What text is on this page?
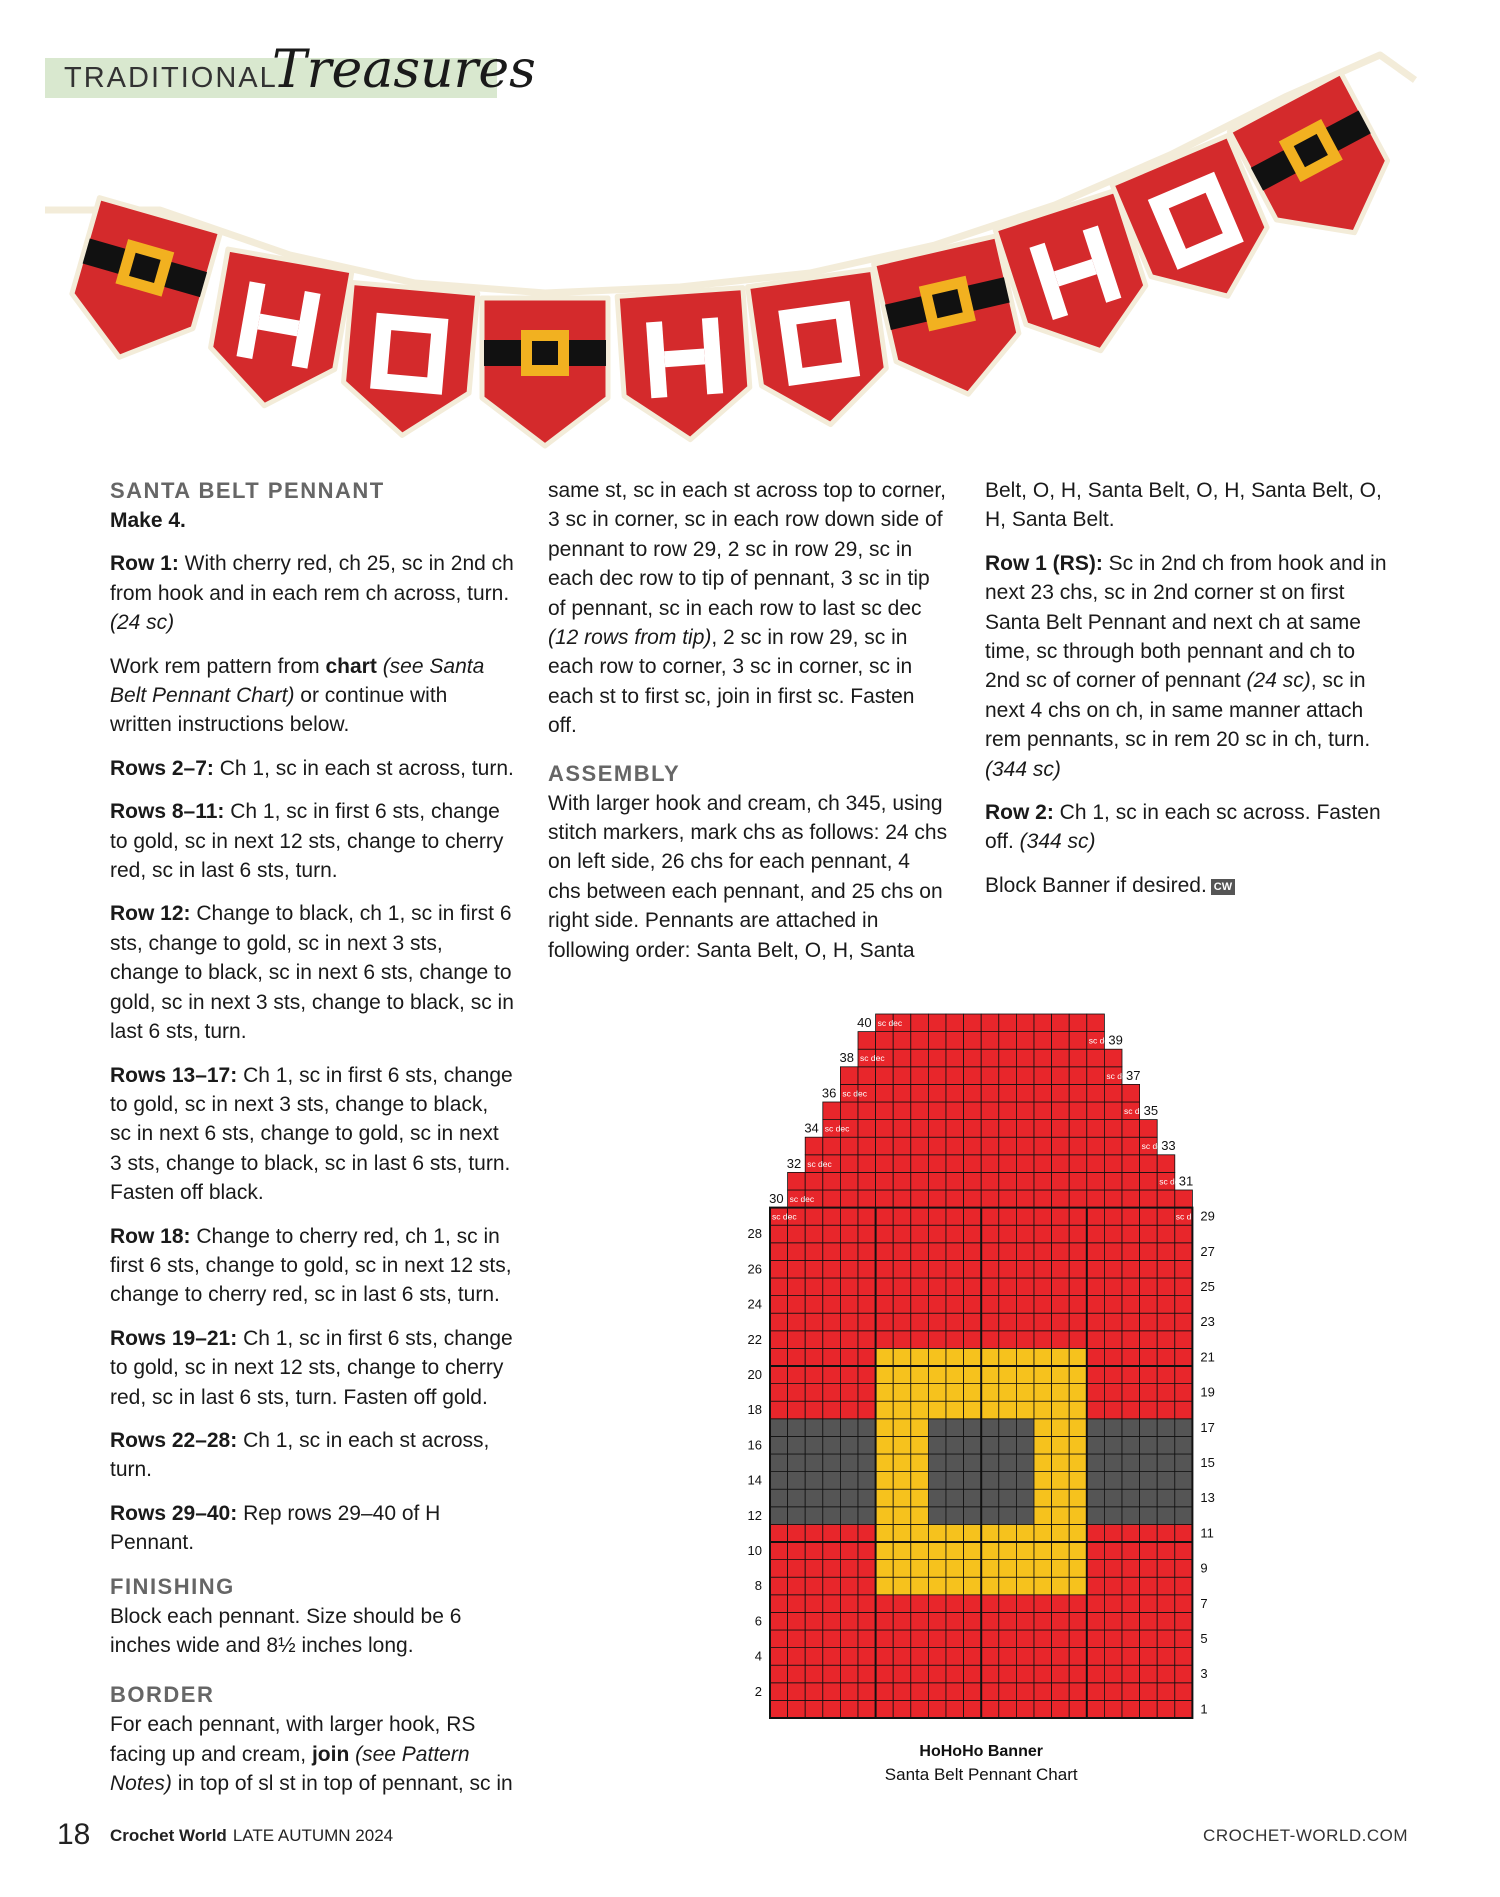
TRADITIONAL
Treasures
SANTA BELT PENNANT

Make 4.

Row 1: With cherry red, ch 25, sc in 2nd ch from hook and in each rem ch across, turn. (24 sc)

Work rem pattern from chart (see Santa Belt Pennant Chart) or continue with written instructions below.

Rows 2–7: Ch 1, sc in each st across, turn.

Rows 8–11: Ch 1, sc in first 6 sts, change to gold, sc in next 12 sts, change to cherry red, sc in last 6 sts, turn.

Row 12: Change to black, ch 1, sc in first 6 sts, change to gold, sc in next 3 sts, change to black, sc in next 6 sts, change to gold, sc in next 3 sts, change to black, sc in last 6 sts, turn.

Rows 13–17: Ch 1, sc in first 6 sts, change to gold, sc in next 3 sts, change to black, sc in next 6 sts, change to gold, sc in next 3 sts, change to black, sc in last 6 sts, turn. Fasten off black.

Row 18: Change to cherry red, ch 1, sc in first 6 sts, change to gold, sc in next 12 sts, change to cherry red, sc in last 6 sts, turn.

Rows 19–21: Ch 1, sc in first 6 sts, change to gold, sc in next 12 sts, change to cherry red, sc in last 6 sts, turn. Fasten off gold.

Rows 22–28: Ch 1, sc in each st across, turn.

Rows 29–40: Rep rows 29–40 of H Pennant.

FINISHING

Block each pennant. Size should be 6 inches wide and 8½ inches long.

BORDER

For each pennant, with larger hook, RS facing up and cream, join (see Pattern Notes) in top of sl st in top of pennant, sc in

same st, sc in each st across top to corner, 3 sc in corner, sc in each row down side of pennant to row 29, 2 sc in row 29, sc in each dec row to tip of pennant, 3 sc in tip of pennant, sc in each row to last sc dec (12 rows from tip), 2 sc in row 29, sc in each row to corner, 3 sc in corner, sc in each st to first sc, join in first sc. Fasten off.

ASSEMBLY

With larger hook and cream, ch 345, using stitch markers, mark chs as follows: 24 chs on left side, 26 chs for each pennant, 4 chs between each pennant, and 25 chs on right side. Pennants are attached in following order: Santa Belt, O, H, Santa

Belt, O, H, Santa Belt, O, H, Santa Belt, O, H, Santa Belt.

Row 1 (RS): Sc in 2nd ch from hook and in next 23 chs, sc in 2nd corner st on first Santa Belt Pennant and next ch at same time, sc through both pennant and ch to 2nd sc of corner of pennant (24 sc), sc in next 4 chs on ch, in same manner attach rem pennants, sc in rem 20 sc in ch, turn. (344 sc)

Row 2: Ch 1, sc in each sc across. Fasten off. (344 sc)

Block Banner if desired. CW

sc dec
sc dec
sc dec
sc dec
sc dec
sc dec
sc dec
sc dec
sc dec
sc dec
sc dec
sc dec	sc dec
2
4
6
8
10
12
14
16
18
20
22
24
26
28
1
3
5
7
9
11
13
15
17
19
21
23
25
27
29
30
32
34
36
38
40
31
33
35
37
39
HoHoHo Banner
Santa Belt Pennant Chart
18 Crochet World LATE AUTUMN 2024	CROCHET-WORLD.COM
